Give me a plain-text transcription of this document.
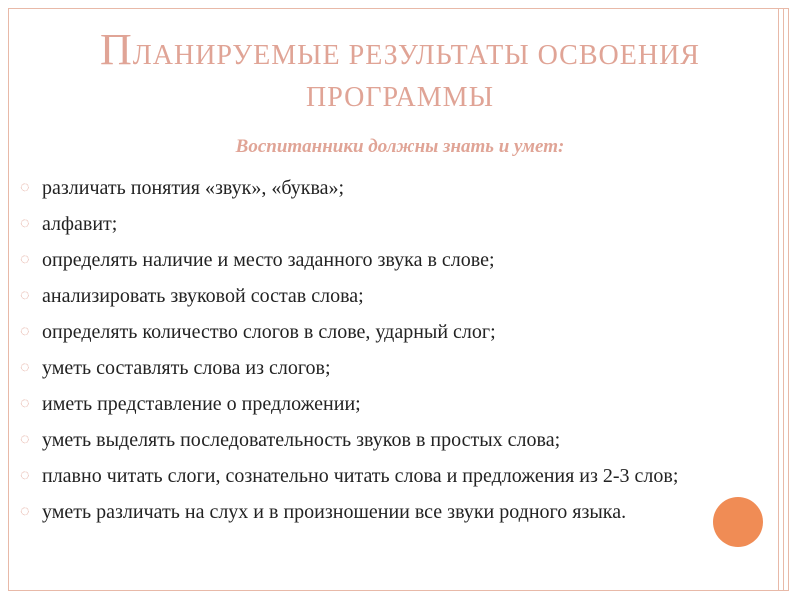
ПЛАНИРУЕМЫЕ РЕЗУЛЬТАТЫ ОСВОЕНИЯ
ПРОГРАММЫ
Воспитанники должны знать и умет:
◌ различать понятия «звук», «буква»;
◌ алфавит;
◌ определять наличие и место заданного звука в слове;
◌ анализировать звуковой состав слова;
◌ определять количество слогов в слове, ударный слог;
◌ уметь составлять слова из слогов;
◌ иметь представление о предложении;
◌ уметь выделять последовательность звуков в простых слова;
◌ плавно читать слоги, сознательно читать слова и предложения из 2-3 слов;
◌ уметь различать на слух и в произношении все звуки родного языка.
